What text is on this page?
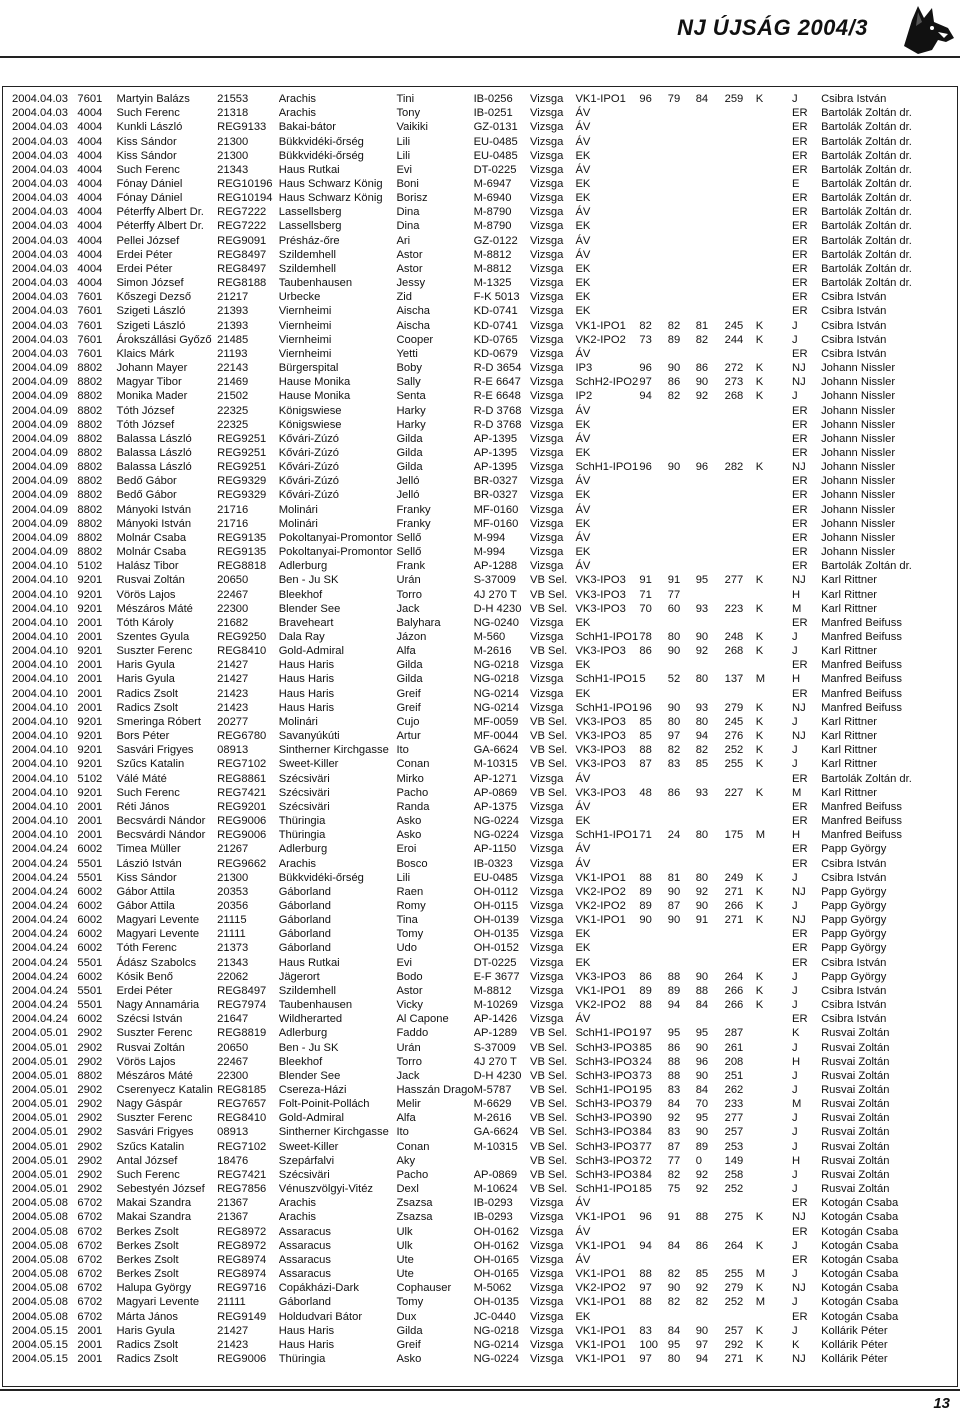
NJ ÚJSÁG 2004/3
2004.04.03	7601	Martyin Balázs	21553	Arachis	Tini	IB-0256	Vizsga	VK1-IPO1	96	79	84	259	K	J	Csibra István
2004.04.03	4004	Such Ferenc	21318	Arachis	Tony	IB-0251	Vizsga	ÁV						ER	Bartolák Zoltán dr.
2004.04.03	4004	Kunkli László	REG9133	Bakai-bátor	Vaikiki	GZ-0131	Vizsga	ÁV						ER	Bartolák Zoltán dr.
2004.04.03	4004	Kiss Sándor	21300	Bükkvidéki-őrség	Lili	EU-0485	Vizsga	ÁV						ER	Bartolák Zoltán dr.
2004.04.03	4004	Kiss Sándor	21300	Bükkvidéki-őrség	Lili	EU-0485	Vizsga	EK						ER	Bartolák Zoltán dr.
2004.04.03	4004	Such Ferenc	21343	Haus Rutkai	Evi	DT-0225	Vizsga	ÁV						ER	Bartolák Zoltán dr.
2004.04.03	4004	Fónay Dániel	REG10196	Haus Schwarz König	Boni	M-6947	Vizsga	EK						E	Bartolák Zoltán dr.
2004.04.03	4004	Fónay Dániel	REG10194	Haus Schwarz König	Borisz	M-6940	Vizsga	EK						ER	Bartolák Zoltán dr.
2004.04.03	4004	Péterffy Albert Dr.	REG7222	Lassellsberg	Dina	M-8790	Vizsga	ÁV						ER	Bartolák Zoltán dr.
2004.04.03	4004	Péterffy Albert Dr.	REG7222	Lassellsberg	Dina	M-8790	Vizsga	EK						ER	Bartolák Zoltán dr.
2004.04.03	4004	Pellei József	REG9091	Présház-őre	Ari	GZ-0122	Vizsga	ÁV						ER	Bartolák Zoltán dr.
2004.04.03	4004	Erdei Péter	REG8497	Szildemhell	Astor	M-8812	Vizsga	ÁV						ER	Bartolák Zoltán dr.
2004.04.03	4004	Erdei Péter	REG8497	Szildemhell	Astor	M-8812	Vizsga	EK						ER	Bartolák Zoltán dr.
2004.04.03	4004	Simon József	REG8188	Taubenhausen	Jessy	M-1325	Vizsga	EK						ER	Bartolák Zoltán dr.
2004.04.03	7601	Kőszegi Dezső	21217	Urbecke	Zid	F-K 5013	Vizsga	EK						ER	Csibra István
2004.04.03	7601	Szigeti László	21393	Viernheimi	Aischa	KD-0741	Vizsga	EK						ER	Csibra István
2004.04.03	7601	Szigeti László	21393	Viernheimi	Aischa	KD-0741	Vizsga	VK1-IPO1	82	82	81	245	K	J	Csibra István
2004.04.03	7601	Árokszállási Győző	21485	Viernheimi	Cooper	KD-0765	Vizsga	VK2-IPO2	73	89	82	244	K	J	Csibra István
2004.04.03	7601	Klaics Márk	21193	Viernheimi	Yetti	KD-0679	Vizsga	ÁV						ER	Csibra István
2004.04.09	8802	Johann Mayer	22143	Bürgerspital	Boby	R-D 3654	Vizsga	IP3	96	90	86	272	K	NJ	Johann Nissler
2004.04.09	8802	Magyar Tibor	21469	Hause Monika	Sally	R-E 6647	Vizsga	SchH2-IPO2	97	86	90	273	K	NJ	Johann Nissler
2004.04.09	8802	Monika Mader	21502	Hause Monika	Senta	R-E 6648	Vizsga	IP2	94	82	92	268	K	J	Johann Nissler
2004.04.09	8802	Tóth József	22325	Königswiese	Harky	R-D 3768	Vizsga	ÁV						ER	Johann Nissler
2004.04.09	8802	Tóth József	22325	Königswiese	Harky	R-D 3768	Vizsga	EK						ER	Johann Nissler
2004.04.09	8802	Balassa László	REG9251	Kővári-Zúzó	Gilda	AP-1395	Vizsga	ÁV						ER	Johann Nissler
2004.04.09	8802	Balassa László	REG9251	Kővári-Zúzó	Gilda	AP-1395	Vizsga	EK						ER	Johann Nissler
2004.04.09	8802	Balassa László	REG9251	Kővári-Zúzó	Gilda	AP-1395	Vizsga	SchH1-IPO1	96	90	96	282	K	NJ	Johann Nissler
2004.04.09	8802	Bedő Gábor	REG9329	Kővári-Zúzó	Jelló	BR-0327	Vizsga	ÁV						ER	Johann Nissler
2004.04.09	8802	Bedő Gábor	REG9329	Kővári-Zúzó	Jelló	BR-0327	Vizsga	EK						ER	Johann Nissler
2004.04.09	8802	Mányoki István	21716	Molinári	Franky	MF-0160	Vizsga	ÁV						ER	Johann Nissler
2004.04.09	8802	Mányoki István	21716	Molinári	Franky	MF-0160	Vizsga	EK						ER	Johann Nissler
2004.04.09	8802	Molnár Csaba	REG9135	Pokoltanyai-Promontor	Sellő	M-994	Vizsga	ÁV						ER	Johann Nissler
2004.04.09	8802	Molnár Csaba	REG9135	Pokoltanyai-Promontor	Sellő	M-994	Vizsga	EK						ER	Johann Nissler
2004.04.10	5102	Halász Tibor	REG8818	Adlerburg	Frank	AP-1288	Vizsga	ÁV						ER	Bartolák Zoltán dr.
2004.04.10	9201	Rusvai Zoltán	20650	Ben - Ju SK	Urán	S-37009	VB Sel.	VK3-IPO3	91	91	95	277	K	NJ	Karl Rittner
2004.04.10	9201	Vörös Lajos	22467	Bleekhof	Torro	4J 270 T	VB Sel.	VK3-IPO3	71	77				H	Karl Rittner
2004.04.10	9201	Mészáros Máté	22300	Blender See	Jack	D-H 4230	VB Sel.	VK3-IPO3	70	60	93	223	K	M	Karl Rittner
2004.04.10	2001	Tóth Károly	21682	Braveheart	Balyhara	NG-0240	Vizsga	EK						ER	Manfred Beifuss
2004.04.10	2001	Szentes Gyula	REG9250	Dala Ray	Jázon	M-560	Vizsga	SchH1-IPO1	78	80	90	248	K	J	Manfred Beifuss
2004.04.10	9201	Suszter Ferenc	REG8410	Gold-Admiral	Alfa	M-2616	VB Sel.	VK3-IPO3	86	90	92	268	K	J	Karl Rittner
2004.04.10	2001	Haris Gyula	21427	Haus Haris	Gilda	NG-0218	Vizsga	EK						ER	Manfred Beifuss
2004.04.10	2001	Haris Gyula	21427	Haus Haris	Gilda	NG-0218	Vizsga	SchH1-IPO1	5	52	80	137	M	H	Manfred Beifuss
2004.04.10	2001	Radics Zsolt	21423	Haus Haris	Greif	NG-0214	Vizsga	EK						ER	Manfred Beifuss
2004.04.10	2001	Radics Zsolt	21423	Haus Haris	Greif	NG-0214	Vizsga	SchH1-IPO1	96	90	93	279	K	NJ	Manfred Beifuss
2004.04.10	9201	Smeringa Róbert	20277	Molinári	Cujo	MF-0059	VB Sel.	VK3-IPO3	85	80	80	245	K	J	Karl Rittner
2004.04.10	9201	Bors Péter	REG6780	Savanyúkúti	Artur	MF-0044	VB Sel.	VK3-IPO3	85	97	94	276	K	NJ	Karl Rittner
2004.04.10	9201	Sasvári Frigyes	08913	Sintherner Kirchgasse	Ito	GA-6624	VB Sel.	VK3-IPO3	88	82	82	252	K	J	Karl Rittner
2004.04.10	9201	Szűcs Katalin	REG7102	Sweet-Killer	Conan	M-10315	VB Sel.	VK3-IPO3	87	83	85	255	K	J	Karl Rittner
2004.04.10	5102	Válé Máté	REG8861	Szécsiväri	Mirko	AP-1271	Vizsga	ÁV						ER	Bartolák Zoltán dr.
2004.04.10	9201	Such Ferenc	REG7421	Szécsiväri	Pacho	AP-0869	VB Sel.	VK3-IPO3	48	86	93	227	K	M	Karl Rittner
2004.04.10	2001	Réti János	REG9201	Szécsiväri	Randa	AP-1375	Vizsga	ÁV						ER	Manfred Beifuss
2004.04.10	2001	Becsvárdi Nándor	REG9006	Thüringia	Asko	NG-0224	Vizsga	EK						ER	Manfred Beifuss
2004.04.10	2001	Becsvárdi Nándor	REG9006	Thüringia	Asko	NG-0224	Vizsga	SchH1-IPO1	71	24	80	175	M	H	Manfred Beifuss
2004.04.24	6002	Timea Müller	21267	Adlerburg	Eroi	AP-1150	Vizsga	ÁV						ER	Papp György
2004.04.24	5501	Lászió István	REG9662	Arachis	Bosco	IB-0323	Vizsga	ÁV						ER	Csibra István
2004.04.24	5501	Kiss Sándor	21300	Bükkvidéki-őrség	Lili	EU-0485	Vizsga	VK1-IPO1	88	81	80	249	K	J	Csibra István
2004.04.24	6002	Gábor Attila	20353	Gáborland	Raen	OH-0112	Vizsga	VK2-IPO2	89	90	92	271	K	NJ	Papp György
2004.04.24	6002	Gábor Attila	20356	Gáborland	Romy	OH-0115	Vizsga	VK2-IPO2	89	87	90	266	K	J	Papp György
2004.04.24	6002	Magyari Levente	21115	Gáborland	Tina	OH-0139	Vizsga	VK1-IPO1	90	90	91	271	K	NJ	Papp György
2004.04.24	6002	Magyari Levente	21111	Gáborland	Tomy	OH-0135	Vizsga	EK						ER	Papp György
2004.04.24	6002	Tóth Ferenc	21373	Gáborland	Udo	OH-0152	Vizsga	EK						ER	Papp György
2004.04.24	5501	Ádász Szabolcs	21343	Haus Rutkai	Evi	DT-0225	Vizsga	EK						ER	Csibra István
2004.04.24	6002	Kósik Benő	22062	Jägerort	Bodo	E-F 3677	Vizsga	VK3-IPO3	86	88	90	264	K	J	Papp György
2004.04.24	5501	Erdei Péter	REG8497	Szildemhell	Astor	M-8812	Vizsga	VK1-IPO1	89	89	88	266	K	J	Csibra István
2004.04.24	5501	Nagy Annamária	REG7974	Taubenhausen	Vicky	M-10269	Vizsga	VK2-IPO2	88	94	84	266	K	J	Csibra István
2004.04.24	6002	Szécsi István	21647	Wildherarted	Al Capone	AP-1426	Vizsga	ÁV						ER	Csibra István
2004.05.01	2902	Suszter Ferenc	REG8819	Adlerburg	Faddo	AP-1289	VB Sel.	SchH1-IPO1	97	95	95	287		K	Rusvai Zoltán
2004.05.01	2902	Rusvai Zoltán	20650	Ben - Ju SK	Urán	S-37009	VB Sel.	SchH3-IPO3	85	86	90	261		J	Rusvai Zoltán
2004.05.01	2902	Vörös Lajos	22467	Bleekhof	Torro	4J 270 T	VB Sel.	SchH3-IPO3	24	88	96	208		H	Rusvai Zoltán
2004.05.01	8802	Mészáros Máté	22300	Blender See	Jack	D-H 4230	VB Sel.	SchH3-IPO3	73	88	90	251		J	Rusvai Zoltán
2004.05.01	2902	Cserenyecz Katalin	REG8185	Csereza-Házi	Hasszán Drago	M-5787	VB Sel.	SchH1-IPO1	95	83	84	262		J	Rusvai Zoltán
2004.05.01	2902	Nagy Gáspár	REG7657	Folt-Poinit-Pollách	Melir	M-6629	VB Sel.	SchH3-IPO3	79	84	70	233		M	Rusvai Zoltán
2004.05.01	2902	Suszter Ferenc	REG8410	Gold-Admiral	Alfa	M-2616	VB Sel.	SchH3-IPO3	90	92	95	277		J	Rusvai Zoltán
2004.05.01	2902	Sasvári Frigyes	08913	Sintherner Kirchgasse	Ito	GA-6624	VB Sel.	SchH3-IPO3	84	83	90	257		J	Rusvai Zoltán
2004.05.01	2902	Szűcs Katalin	REG7102	Sweet-Killer	Conan	M-10315	VB Sel.	SchH3-IPO3	77	87	89	253		J	Rusvai Zoltán
2004.05.01	2902	Antal József	18476	Szepárfalvi	Aky		VB Sel.	SchH3-IPO3	72	77	0	149		H	Rusvai Zoltán
2004.05.01	2902	Such Ferenc	REG7421	Szécsiväri	Pacho	AP-0869	VB Sel.	SchH3-IPO3	84	82	92	258		J	Rusvai Zoltán
2004.05.01	2902	Sebestyén József	REG7856	Vénuszvölgyi-Vitéz	Dexl	M-10624	VB Sel.	SchH1-IPO1	85	75	92	252		J	Rusvai Zoltán
2004.05.08	6702	Makai Szandra	21367	Arachis	Zsazsa	IB-0293	Vizsga	ÁV						ER	Kotogán Csaba
2004.05.08	6702	Makai Szandra	21367	Arachis	Zsazsa	IB-0293	Vizsga	VK1-IPO1	96	91	88	275	K	NJ	Kotogán Csaba
2004.05.08	6702	Berkes Zsolt	REG8972	Assaracus	Ulk	OH-0162	Vizsga	ÁV						ER	Kotogán Csaba
2004.05.08	6702	Berkes Zsolt	REG8972	Assaracus	Ulk	OH-0162	Vizsga	VK1-IPO1	94	84	86	264	K	J	Kotogán Csaba
2004.05.08	6702	Berkes Zsolt	REG8974	Assaracus	Ute	OH-0165	Vizsga	ÁV						ER	Kotogán Csaba
2004.05.08	6702	Berkes Zsolt	REG8974	Assaracus	Ute	OH-0165	Vizsga	VK1-IPO1	88	82	85	255	M	J	Kotogán Csaba
2004.05.08	6702	Halupa György	REG9716	Copákházi-Dark	Cophauser	M-5062	Vizsga	VK2-IPO2	97	90	92	279	K	NJ	Kotogán Csaba
2004.05.08	6702	Magyari Levente	21111	Gáborland	Tomy	OH-0135	Vizsga	VK1-IPO1	88	82	82	252	M	J	Kotogán Csaba
2004.05.08	6702	Márta János	REG9149	Holdudvari Bátor	Dux	JC-0440	Vizsga	EK						ER	Kotogán Csaba
2004.05.15	2001	Haris Gyula	21427	Haus Haris	Gilda	NG-0218	Vizsga	VK1-IPO1	83	84	90	257	K	J	Kollárik Péter
2004.05.15	2001	Radics Zsolt	21423	Haus Haris	Greif	NG-0214	Vizsga	VK1-IPO1	100	95	97	292	K	K	Kollárik Péter
2004.05.15	2001	Radics Zsolt	REG9006	Thüringia	Asko	NG-0224	Vizsga	VK1-IPO1	97	80	94	271	K	NJ	Kollárik Péter
13
